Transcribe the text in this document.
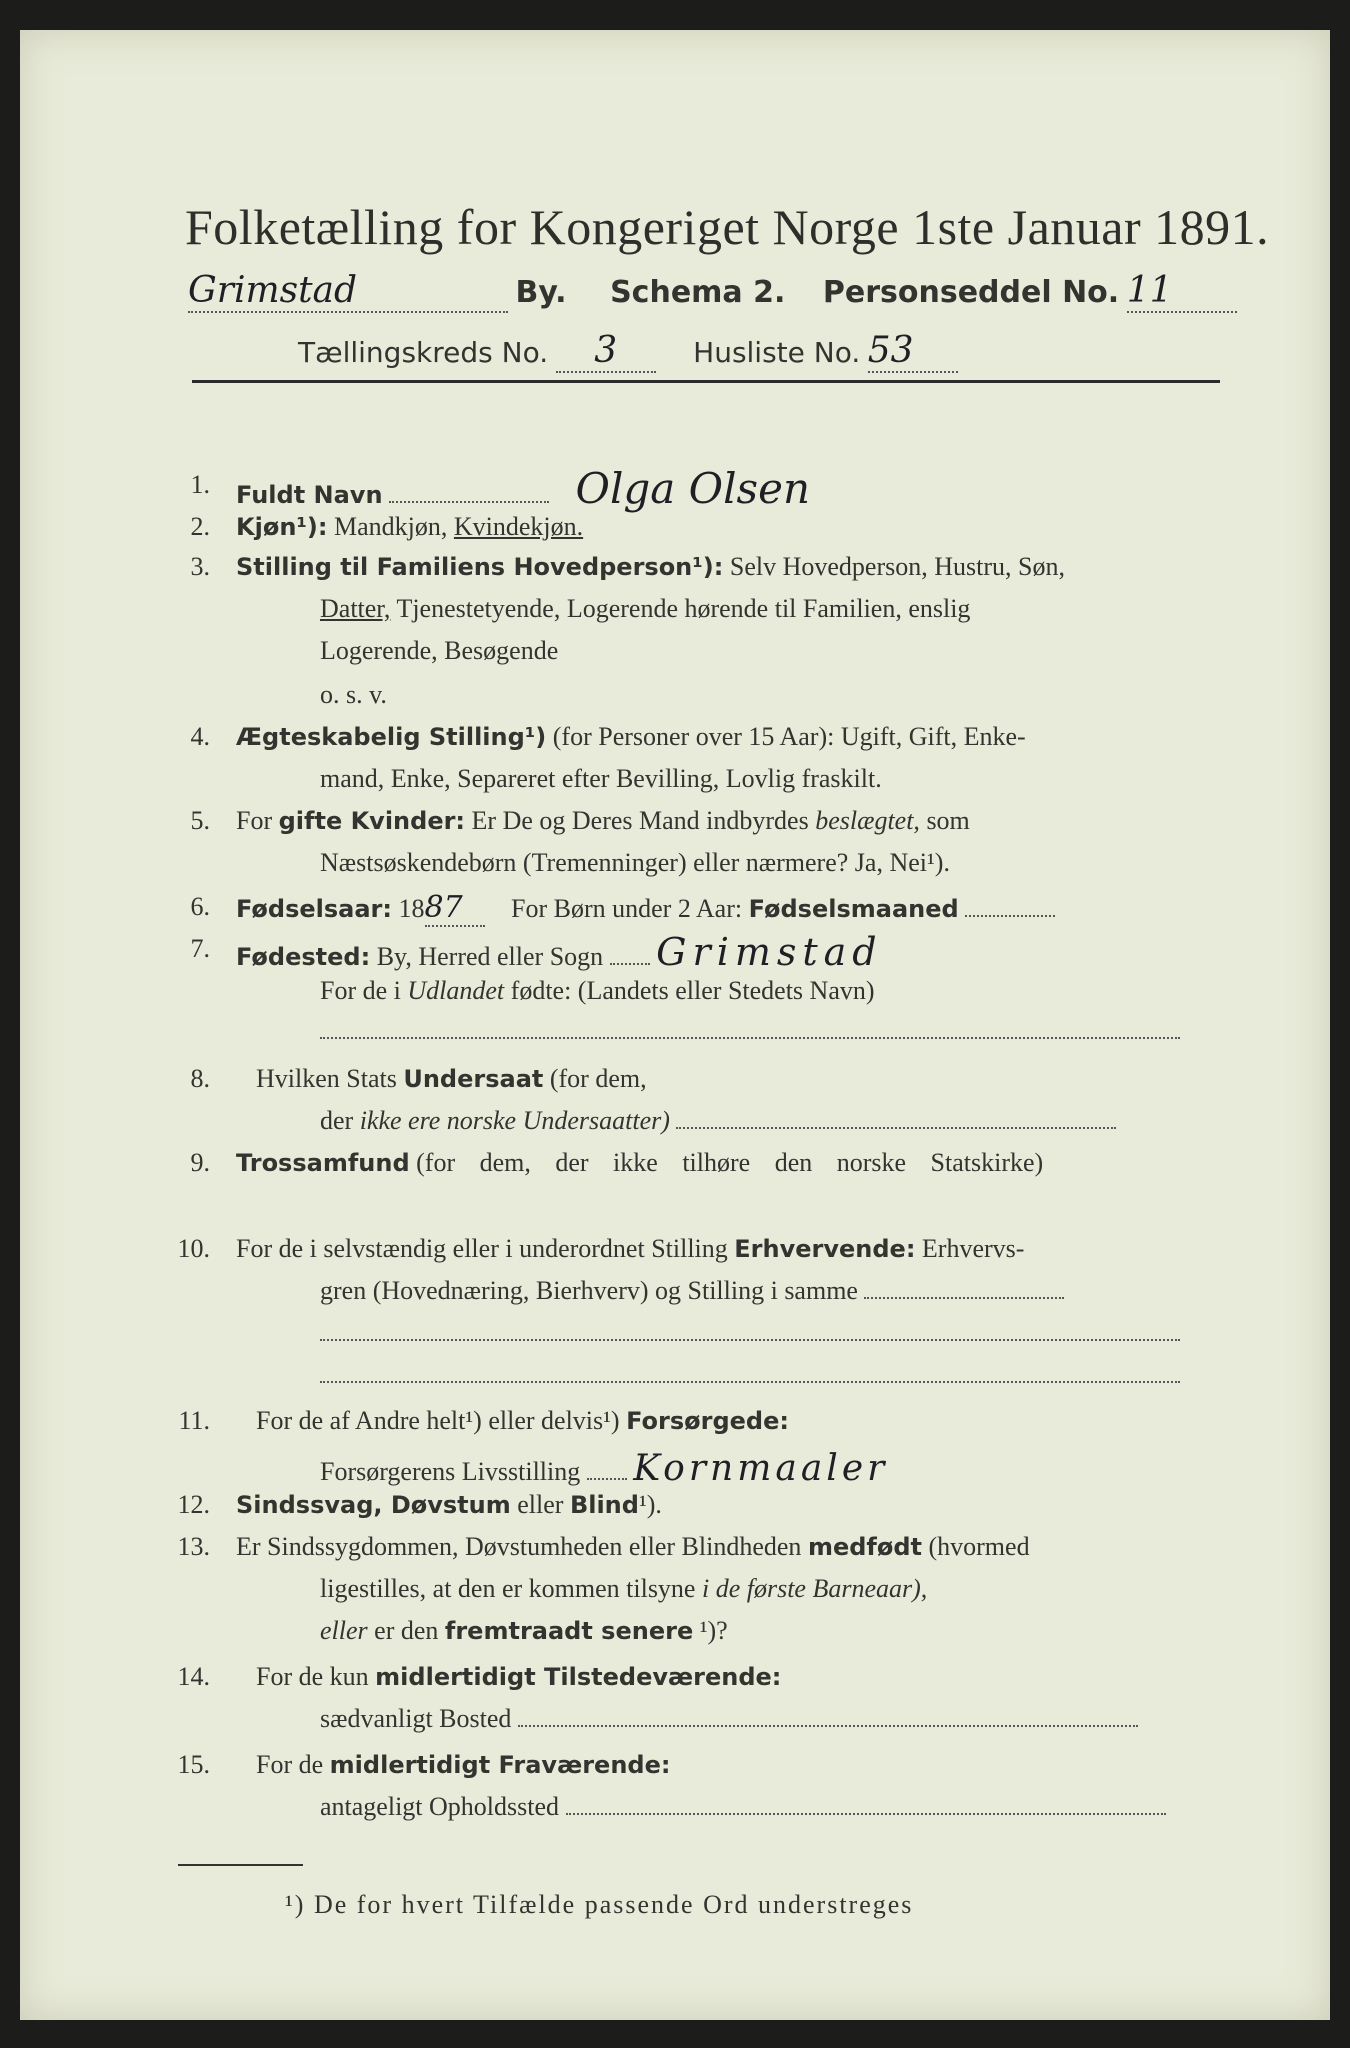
Folketælling for Kongeriget Norge 1ste Januar 1891.
Grimstad	By. Schema 2. Personseddel No. 11
Tællingskreds No. 3	Husliste No. 53
1. Fuldt Navn	Olga Olsen
2. Kjøn¹): Mandkjøn, Kvindekjøn.
3. Stilling til Familiens Hovedperson¹): Selv Hovedperson, Hustru, Søn,
Datter, Tjenestetyende, Logerende hørende til Familien, enslig
Logerende, Besøgende
o. s. v.
4. Ægteskabelig Stilling¹) (for Personer over 15 Aar): Ugift, Gift, Enke-
mand, Enke, Separeret efter Bevilling, Lovlig fraskilt.
5. For gifte Kvinder: Er De og Deres Mand indbyrdes beslægtet, som
Næstsøskendebørn (Tremenninger) eller nærmere? Ja, Nei¹).
6. Fødselsaar: 1887 For Børn under 2 Aar: Fødselsmaaned
7. Fødested: By, Herred eller Sogn Grimstad
For de i Udlandet fødte: (Landets eller Stedets Navn)
8. Hvilken Stats Undersaat (for dem,
der ikke ere norske Undersaatter)
9. Trossamfund (for dem, der ikke tilhøre den norske Statskirke)
10. For de i selvstændig eller i underordnet Stilling Erhvervende: Erhvervs-
gren (Hovednæring, Bierhverv) og Stilling i samme
11. For de af Andre helt¹) eller delvis¹) Forsørgede:
Forsørgerens Livsstilling Kornmaaler
12. Sindssvag, Døvstum eller Blind¹).
13. Er Sindssygdommen, Døvstumheden eller Blindheden medfødt (hvormed
ligestilles, at den er kommen tilsyne i de første Barneaar),
eller er den fremtraadt senere ¹)?
14. For de kun midlertidigt Tilstedeværende:
sædvanligt Bosted
15. For de midlertidigt Fraværende:
antageligt Opholdssted
¹) De for hvert Tilfælde passende Ord understreges
